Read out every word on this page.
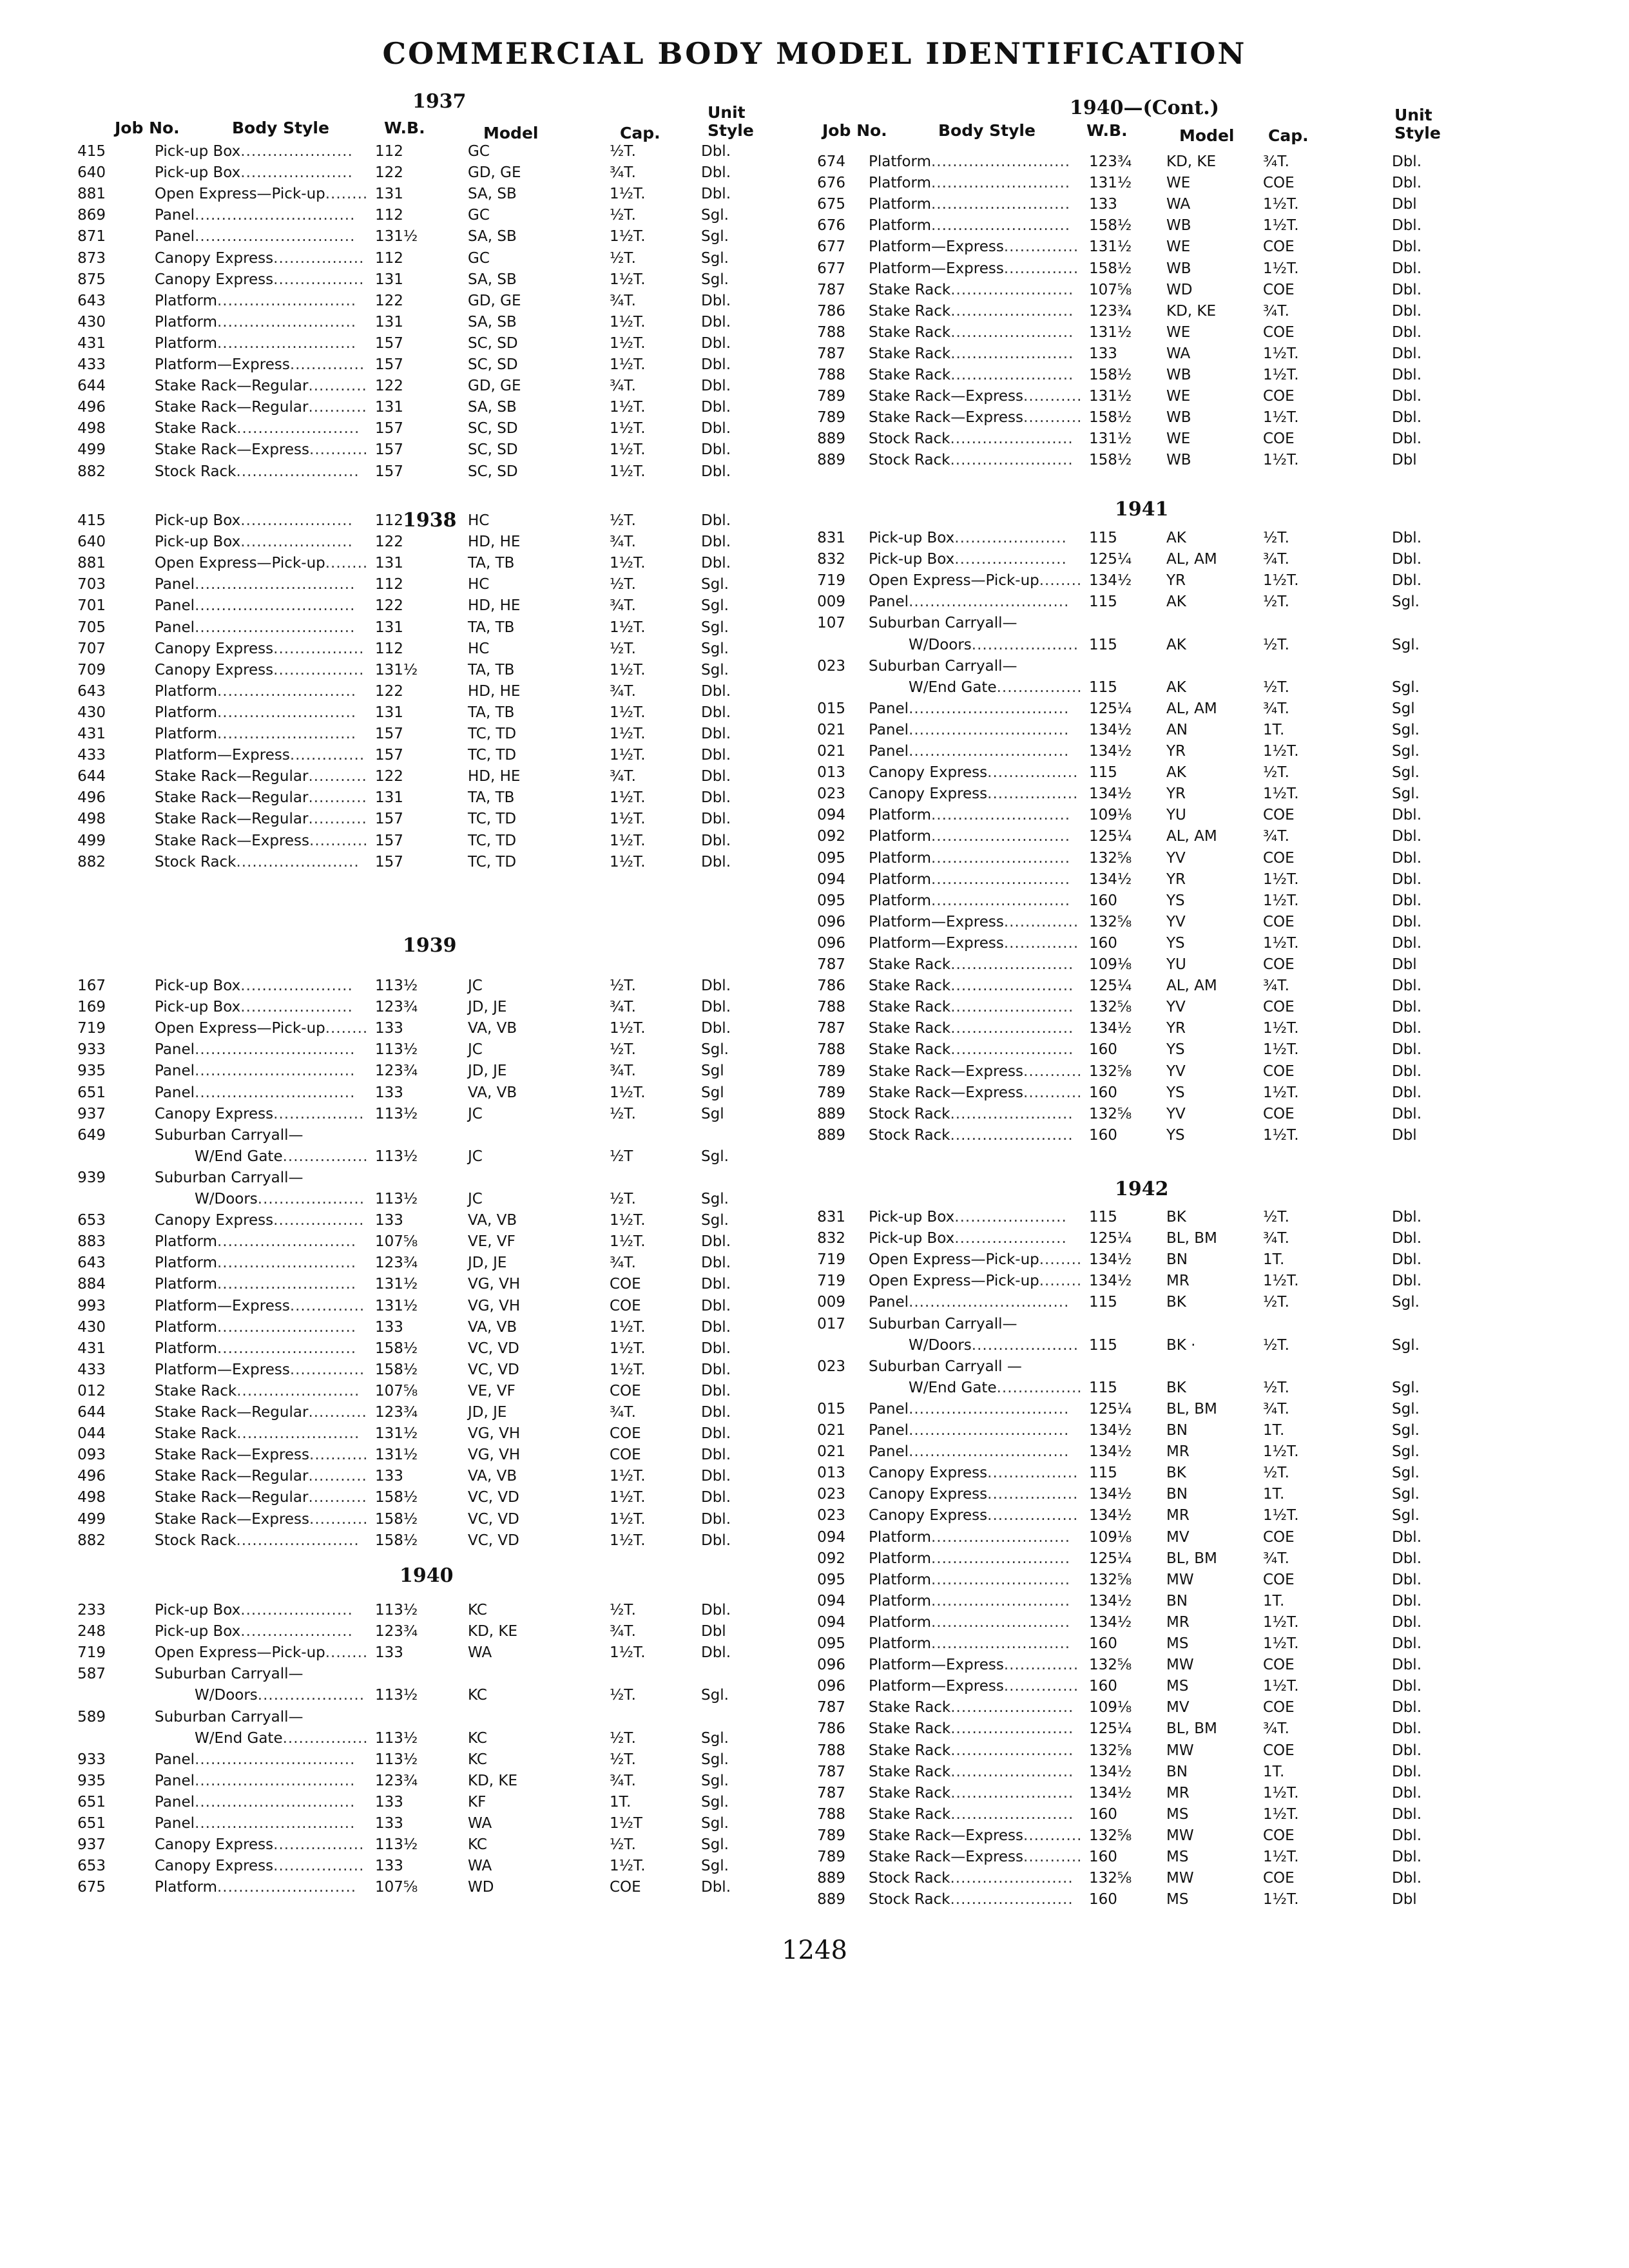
COMMERCIAL BODY MODEL IDENTIFICATION
Job No.	Body Style	W.B.	Model	Cap.
Unit
Style
1937
415	Pick-up Box.....................	112	GC	½T.	Dbl.
640	Pick-up Box.....................	122	GD, GE	¾T.	Dbl.
881	Open Express—Pick-up........ 131	SA, SB	1½T.	Dbl.
869	Panel..............................	112	GC	½T.	Sgl.
871	Panel..............................	131½	SA, SB	1½T.	Sgl.
873	Canopy Express................. 112	GC	½T.	Sgl.
875	Canopy Express................. 131	SA, SB	1½T.	Sgl.
643	Platform..........................	122	GD, GE	¾T.	Dbl.
430	Platform..........................	131	SA, SB	1½T.	Dbl.
431	Platform..........................	157	SC, SD	1½T.	Dbl.
433	Platform—Express.............. 157	SC, SD	1½T.	Dbl.
644	Stake Rack—Regular........... 122	GD, GE	¾T.	Dbl.
496	Stake Rack—Regular........... 131	SA, SB	1½T.	Dbl.
498	Stake Rack.......................	157	SC, SD	1½T.	Dbl.
499	Stake Rack—Express........... 157	SC, SD	1½T.	Dbl.
882	Stock Rack.......................	157	SC, SD	1½T.	Dbl.
1938
415	Pick-up Box.....................	112	HC	½T.	Dbl.
640	Pick-up Box.....................	122	HD, HE	¾T.	Dbl.
881	Open Express—Pick-up........ 131	TA, TB	1½T.	Dbl.
703	Panel..............................	112	HC	½T.	Sgl.
701	Panel..............................	122	HD, HE	¾T.	Sgl.
705	Panel..............................	131	TA, TB	1½T.	Sgl.
707	Canopy Express................. 112	HC	½T.	Sgl.
709	Canopy Express................. 131½	TA, TB	1½T.	Sgl.
643	Platform..........................	122	HD, HE	¾T.	Dbl.
430	Platform..........................	131	TA, TB	1½T.	Dbl.
431	Platform..........................	157	TC, TD	1½T.	Dbl.
433	Platform—Express.............. 157	TC, TD	1½T.	Dbl.
644	Stake Rack—Regular........... 122	HD, HE	¾T.	Dbl.
496	Stake Rack—Regular........... 131	TA, TB	1½T.	Dbl.
498	Stake Rack—Regular........... 157	TC, TD	1½T.	Dbl.
499	Stake Rack—Express........... 157	TC, TD	1½T.	Dbl.
882	Stock Rack.......................	157	TC, TD	1½T.	Dbl.
1939
167	Pick-up Box.....................	113½	JC	½T.	Dbl.
169	Pick-up Box.....................	123¾	JD, JE	¾T.	Dbl.
719	Open Express—Pick-up........ 133	VA, VB	1½T.	Dbl.
933	Panel..............................	113½	JC	½T.	Sgl.
935	Panel..............................	123¾	JD, JE	¾T.	Sgl
651	Panel..............................	133	VA, VB	1½T.	Sgl
937	Canopy Express................. 113½	JC	½T.	Sgl
649	Suburban Carryall—
W/End Gate................ 113½	JC	½T	Sgl.
939	Suburban Carryall—
W/Doors.................... 113½	JC	½T.	Sgl.
653	Canopy Express................. 133	VA, VB	1½T.	Sgl.
883	Platform..........................	107⅝	VE, VF	1½T.	Dbl.
643	Platform..........................	123¾	JD, JE	¾T.	Dbl.
884	Platform..........................	131½	VG, VH	COE	Dbl.
993	Platform—Express.............. 131½	VG, VH	COE	Dbl.
430	Platform..........................	133	VA, VB	1½T.	Dbl.
431	Platform..........................	158½	VC, VD	1½T.	Dbl.
433	Platform—Express.............. 158½	VC, VD	1½T.	Dbl.
012	Stake Rack.......................	107⅝	VE, VF	COE	Dbl.
644	Stake Rack—Regular........... 123¾	JD, JE	¾T.	Dbl.
044	Stake Rack.......................	131½	VG, VH	COE	Dbl.
093	Stake Rack—Express........... 131½	VG, VH	COE	Dbl.
496	Stake Rack—Regular........... 133	VA, VB	1½T.	Dbl.
498	Stake Rack—Regular........... 158½	VC, VD	1½T.	Dbl.
499	Stake Rack—Express........... 158½	VC, VD	1½T.	Dbl.
882	Stock Rack.......................	158½	VC, VD	1½T.	Dbl.
1940
233	Pick-up Box.....................	113½	KC	½T.	Dbl.
248	Pick-up Box.....................	123¾	KD, KE	¾T.	Dbl
719	Open Express—Pick-up........ 133	WA	1½T.	Dbl.
587	Suburban Carryall—
W/Doors.................... 113½	KC	½T.	Sgl.
589	Suburban Carryall—
W/End Gate................ 113½	KC	½T.	Sgl.
933	Panel..............................	113½	KC	½T.	Sgl.
935	Panel..............................	123¾	KD, KE	¾T.	Sgl.
651	Panel..............................	133	KF	1T.	Sgl.
651	Panel..............................	133	WA	1½T	Sgl.
937	Canopy Express................. 113½	KC	½T.	Sgl.
653	Canopy Express................. 133	WA	1½T.	Sgl.
675	Platform..........................	107⅝	WD	COE	Dbl.
Job No.	Body Style	W.B.	Model Cap.
Unit
Style
1940—(Cont.)
674 Platform..........................	123¾ KD, KE	¾T.	Dbl.
676 Platform..........................	131½ WE	COE	Dbl.
675 Platform..........................	133	WA	1½T.	Dbl
676 Platform..........................	158½ WB	1½T.	Dbl.
677 Platform—Express.............. 131½ WE	COE	Dbl.
677 Platform—Express.............. 158½ WB	1½T.	Dbl.
787 Stake Rack.......................	107⅝ WD	COE	Dbl.
786 Stake Rack.......................	123¾ KD, KE	¾T.	Dbl.
788 Stake Rack.......................	131½ WE	COE	Dbl.
787 Stake Rack.......................	133	WA	1½T.	Dbl.
788 Stake Rack.......................	158½ WB	1½T.	Dbl.
789 Stake Rack—Express........... 131½ WE	COE	Dbl.
789 Stake Rack—Express........... 158½ WB	1½T.	Dbl.
889 Stock Rack.......................	131½ WE	COE	Dbl.
889 Stock Rack.......................	158½ WB	1½T.	Dbl
1941
831 Pick-up Box.....................	115	AK	½T.	Dbl.
832 Pick-up Box.....................	125¼ AL, AM	¾T.	Dbl.
719 Open Express—Pick-up........ 134½ YR	1½T.	Dbl.
009 Panel..............................	115	AK	½T.	Sgl.
107 Suburban Carryall—
W/Doors.................... 115	AK	½T.	Sgl.
023 Suburban Carryall—
W/End Gate................ 115	AK	½T.	Sgl.
015 Panel..............................	125¼ AL, AM	¾T.	Sgl
021 Panel..............................	134½ AN	1T.	Sgl.
021 Panel..............................	134½ YR	1½T.	Sgl.
013 Canopy Express................. 115	AK	½T.	Sgl.
023 Canopy Express................. 134½ YR	1½T.	Sgl.
094 Platform..........................	109⅛ YU	COE	Dbl.
092 Platform..........................	125¼ AL, AM	¾T.	Dbl.
095 Platform..........................	132⅝ YV	COE	Dbl.
094 Platform..........................	134½ YR	1½T.	Dbl.
095 Platform..........................	160	YS	1½T.	Dbl.
096 Platform—Express.............. 132⅝ YV	COE	Dbl.
096 Platform—Express.............. 160	YS	1½T.	Dbl.
787 Stake Rack.......................	109⅛ YU	COE	Dbl
786 Stake Rack.......................	125¼ AL, AM	¾T.	Dbl.
788 Stake Rack.......................	132⅝ YV	COE	Dbl.
787 Stake Rack.......................	134½ YR	1½T.	Dbl.
788 Stake Rack.......................	160	YS	1½T.	Dbl.
789 Stake Rack—Express........... 132⅝ YV	COE	Dbl.
789 Stake Rack—Express........... 160	YS	1½T.	Dbl.
889 Stock Rack.......................	132⅝ YV	COE	Dbl.
889 Stock Rack.......................	160	YS	1½T.	Dbl
1942
831 Pick-up Box.....................	115	BK	½T.	Dbl.
832 Pick-up Box.....................	125¼ BL, BM	¾T.	Dbl.
719 Open Express—Pick-up........ 134½ BN	1T.	Dbl.
719 Open Express—Pick-up........ 134½ MR	1½T.	Dbl.
009 Panel..............................	115	BK	½T.	Sgl.
017 Suburban Carryall—
W/Doors.................... 115	BK ·	½T.	Sgl.
023 Suburban Carryall —
W/End Gate................ 115	BK	½T.	Sgl.
015 Panel..............................	125¼ BL, BM	¾T.	Sgl.
021 Panel..............................	134½ BN	1T.	Sgl.
021 Panel..............................	134½ MR	1½T.	Sgl.
013 Canopy Express................. 115	BK	½T.	Sgl.
023 Canopy Express................. 134½ BN	1T.	Sgl.
023 Canopy Express................. 134½ MR	1½T.	Sgl.
094 Platform..........................	109⅛ MV	COE	Dbl.
092 Platform..........................	125¼ BL, BM	¾T.	Dbl.
095 Platform..........................	132⅝ MW	COE	Dbl.
094 Platform..........................	134½ BN	1T.	Dbl.
094 Platform..........................	134½ MR	1½T.	Dbl.
095 Platform..........................	160	MS	1½T.	Dbl.
096 Platform—Express.............. 132⅝ MW	COE	Dbl.
096 Platform—Express.............. 160	MS	1½T.	Dbl.
787 Stake Rack.......................	109⅛ MV	COE	Dbl.
786 Stake Rack.......................	125¼ BL, BM	¾T.	Dbl.
788 Stake Rack.......................	132⅝ MW	COE	Dbl.
787 Stake Rack.......................	134½ BN	1T.	Dbl.
787 Stake Rack.......................	134½ MR	1½T.	Dbl.
788 Stake Rack.......................	160	MS	1½T.	Dbl.
789 Stake Rack—Express........... 132⅝ MW	COE	Dbl.
789 Stake Rack—Express........... 160	MS	1½T.	Dbl.
889 Stock Rack.......................	132⅝ MW	COE	Dbl.
889 Stock Rack.......................	160	MS	1½T.	Dbl
1248
